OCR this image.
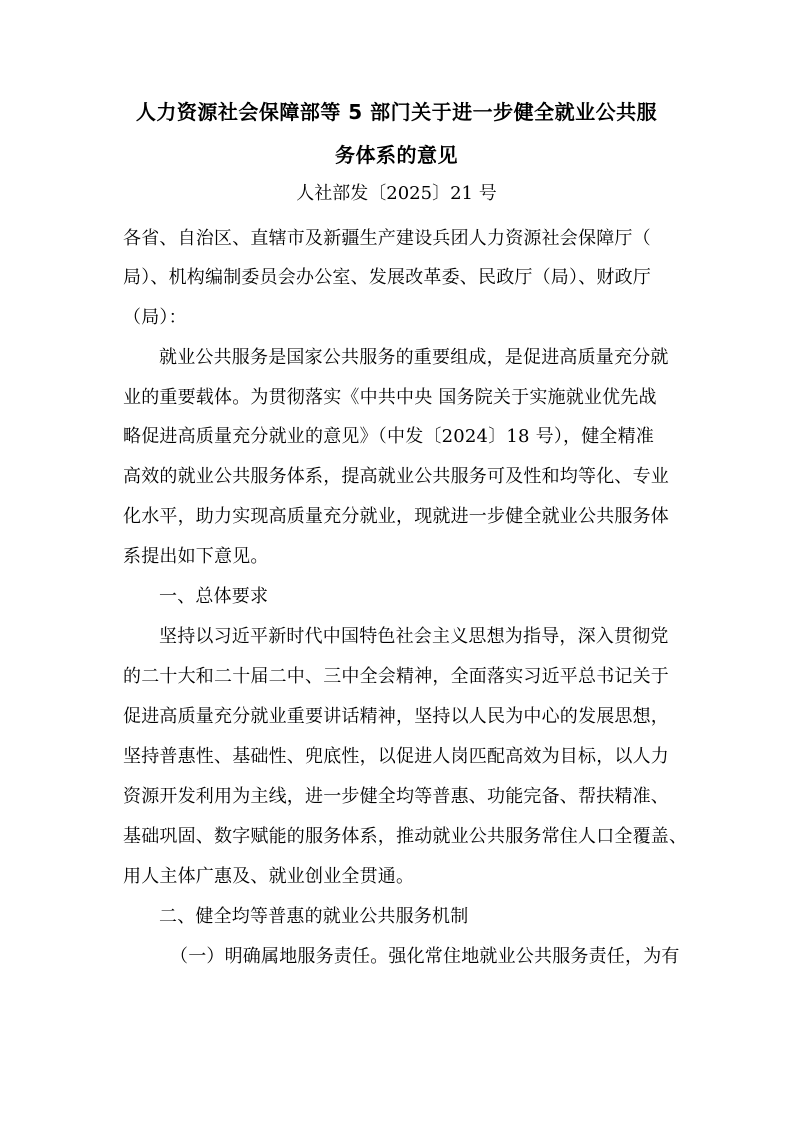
人力资源社会保障部等 5 部门关于进一步健全就业公共服
务体系的意见
人社部发〔2025〕21 号
各省、自治区、直辖市及新疆生产建设兵团人力资源社会保障厅（
局）、机构编制委员会办公室、发展改革委、民政厅（局）、财政厅
（局）：
就业公共服务是国家公共服务的重要组成，是促进高质量充分就
业的重要载体。为贯彻落实《中共中央 国务院关于实施就业优先战
略促进高质量充分就业的意见》（中发〔2024〕18 号），健全精准
高效的就业公共服务体系，提高就业公共服务可及性和均等化、专业
化水平，助力实现高质量充分就业，现就进一步健全就业公共服务体
系提出如下意见。
一、总体要求
坚持以习近平新时代中国特色社会主义思想为指导，深入贯彻党
的二十大和二十届二中、三中全会精神，全面落实习近平总书记关于
促进高质量充分就业重要讲话精神，坚持以人民为中心的发展思想，
坚持普惠性、基础性、兜底性，以促进人岗匹配高效为目标，以人力
资源开发利用为主线，进一步健全均等普惠、功能完备、帮扶精准、
基础巩固、数字赋能的服务体系，推动就业公共服务常住人口全覆盖、
用人主体广惠及、就业创业全贯通。
二、健全均等普惠的就业公共服务机制
（一）明确属地服务责任。强化常住地就业公共服务责任，为有
